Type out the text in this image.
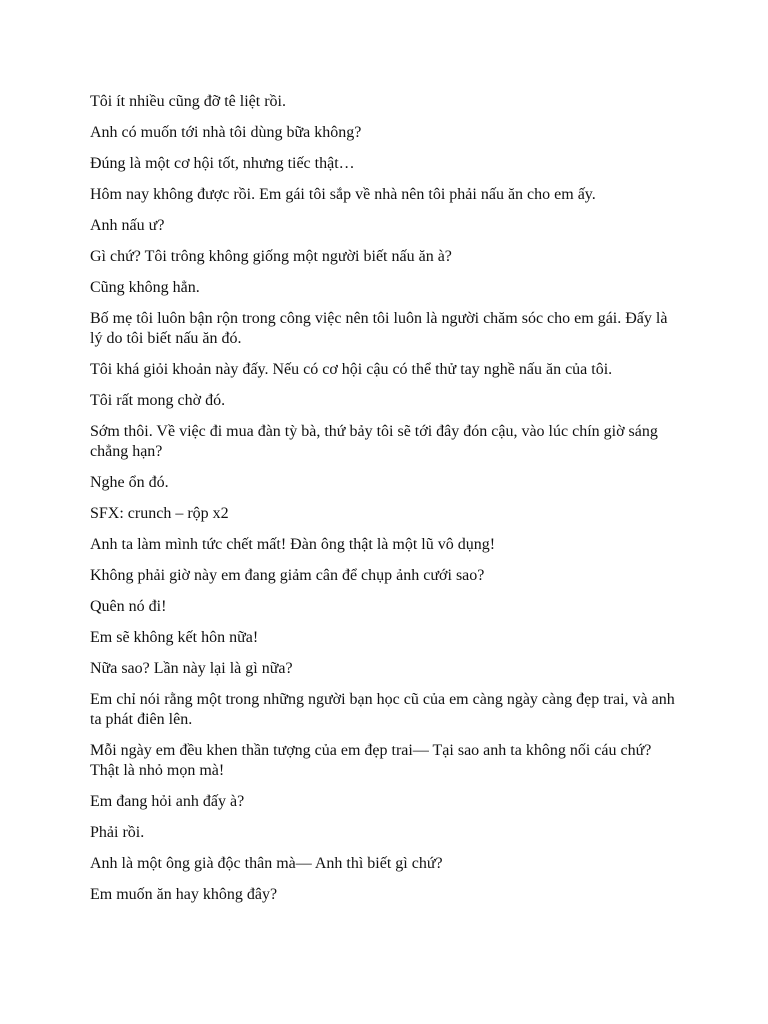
Tôi ít nhiều cũng đỡ tê liệt rồi.

Anh có muốn tới nhà tôi dùng bữa không?

Đúng là một cơ hội tốt, nhưng tiếc thật…

Hôm nay không được rồi. Em gái tôi sắp về nhà nên tôi phải nấu ăn cho em ấy.

Anh nấu ư?

Gì chứ? Tôi trông không giống một người biết nấu ăn à?

Cũng không hẳn.

Bố mẹ tôi luôn bận rộn trong công việc nên tôi luôn là người chăm sóc cho em gái. Đấy là lý do tôi biết nấu ăn đó.

Tôi khá giỏi khoản này đấy. Nếu có cơ hội cậu có thể thử tay nghề nấu ăn của tôi.

Tôi rất mong chờ đó.

Sớm thôi. Về việc đi mua đàn tỳ bà, thứ bảy tôi sẽ tới đây đón cậu, vào lúc chín giờ sáng chẳng hạn?

Nghe ổn đó.

SFX: crunch – rộp x2

Anh ta làm mình tức chết mất! Đàn ông thật là một lũ vô dụng!

Không phải giờ này em đang giảm cân để chụp ảnh cưới sao?

Quên nó đi!

Em sẽ không kết hôn nữa!

Nữa sao? Lần này lại là gì nữa?

Em chỉ nói rằng một trong những người bạn học cũ của em càng ngày càng đẹp trai, và anh ta phát điên lên.

Mỗi ngày em đều khen thần tượng của em đẹp trai— Tại sao anh ta không nối cáu chứ? Thật là nhỏ mọn mà!

Em đang hỏi anh đấy à?

Phải rồi.

Anh là một ông già độc thân mà— Anh thì biết gì chứ?

Em muốn ăn hay không đây?
